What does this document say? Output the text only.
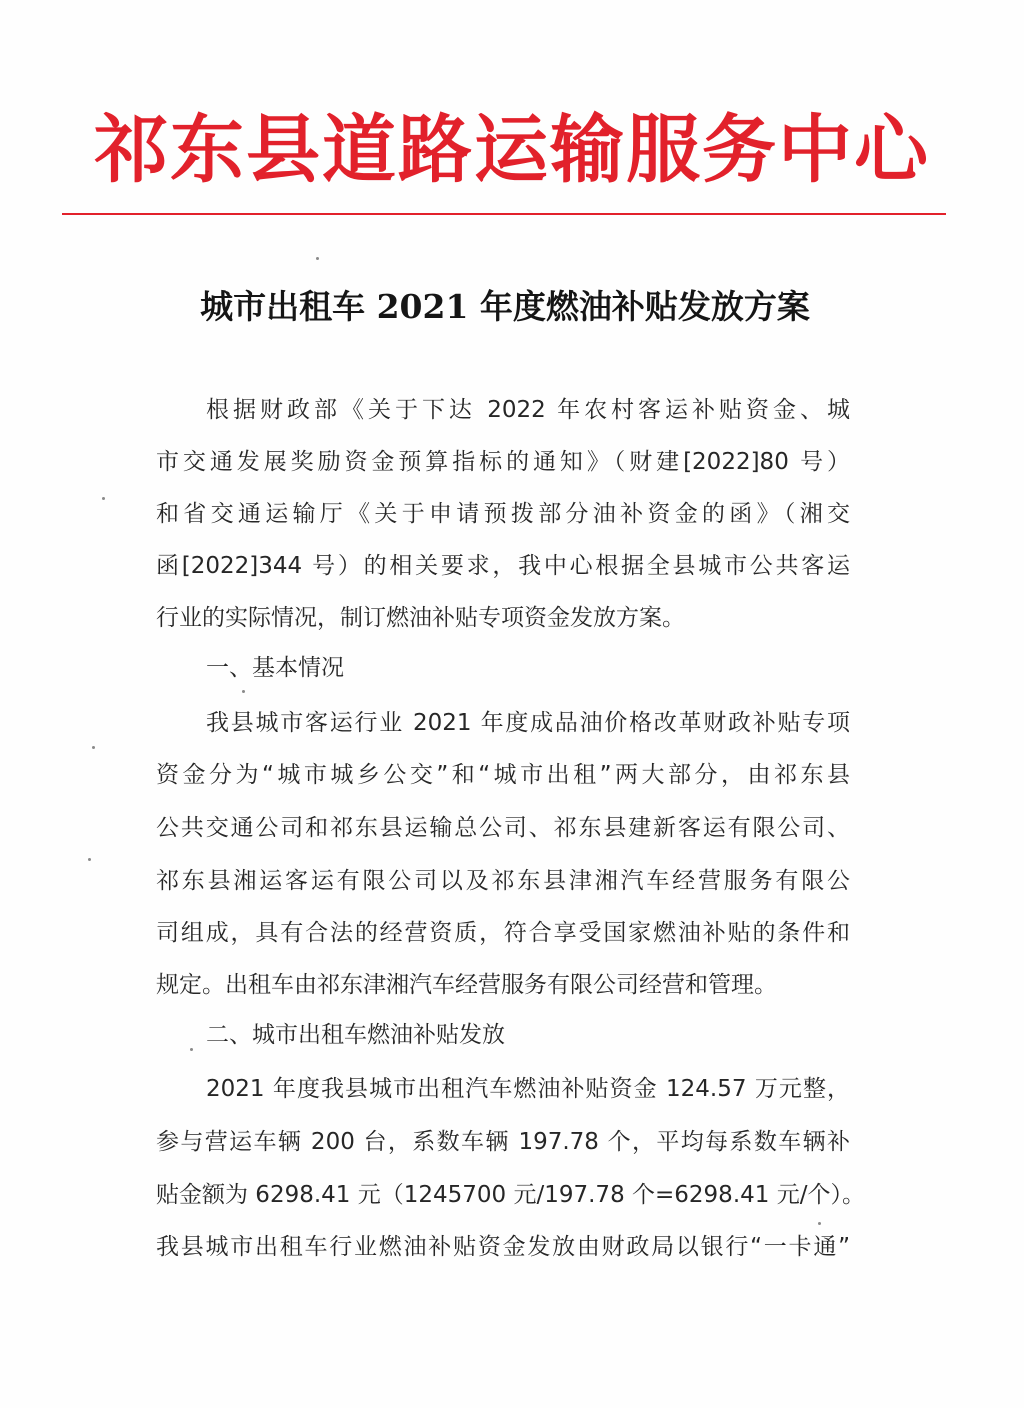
祁东县道路运输服务中心
城市出租车 2021 年度燃油补贴发放方案
根据财政部《关于下达 2022 年农村客运补贴资金、城
市交通发展奖励资金预算指标的通知》（财建[2022]80 号）
和省交通运输厅《关于申请预拨部分油补资金的函》（湘交
函[2022]344 号）的相关要求，我中心根据全县城市公共客运
行业的实际情况，制订燃油补贴专项资金发放方案。
一、基本情况
我县城市客运行业 2021 年度成品油价格改革财政补贴专项
资金分为“城市城乡公交”和“城市出租”两大部分，由祁东县
公共交通公司和祁东县运输总公司、祁东县建新客运有限公司、
祁东县湘运客运有限公司以及祁东县津湘汽车经营服务有限公
司组成，具有合法的经营资质，符合享受国家燃油补贴的条件和
规定。出租车由祁东津湘汽车经营服务有限公司经营和管理。
二、城市出租车燃油补贴发放
2021 年度我县城市出租汽车燃油补贴资金 124.57 万元整，
参与营运车辆 200 台，系数车辆 197.78 个，平均每系数车辆补
贴金额为 6298.41 元（1245700 元/197.78 个=6298.41 元/个）。
我县城市出租车行业燃油补贴资金发放由财政局以银行“一卡通”
